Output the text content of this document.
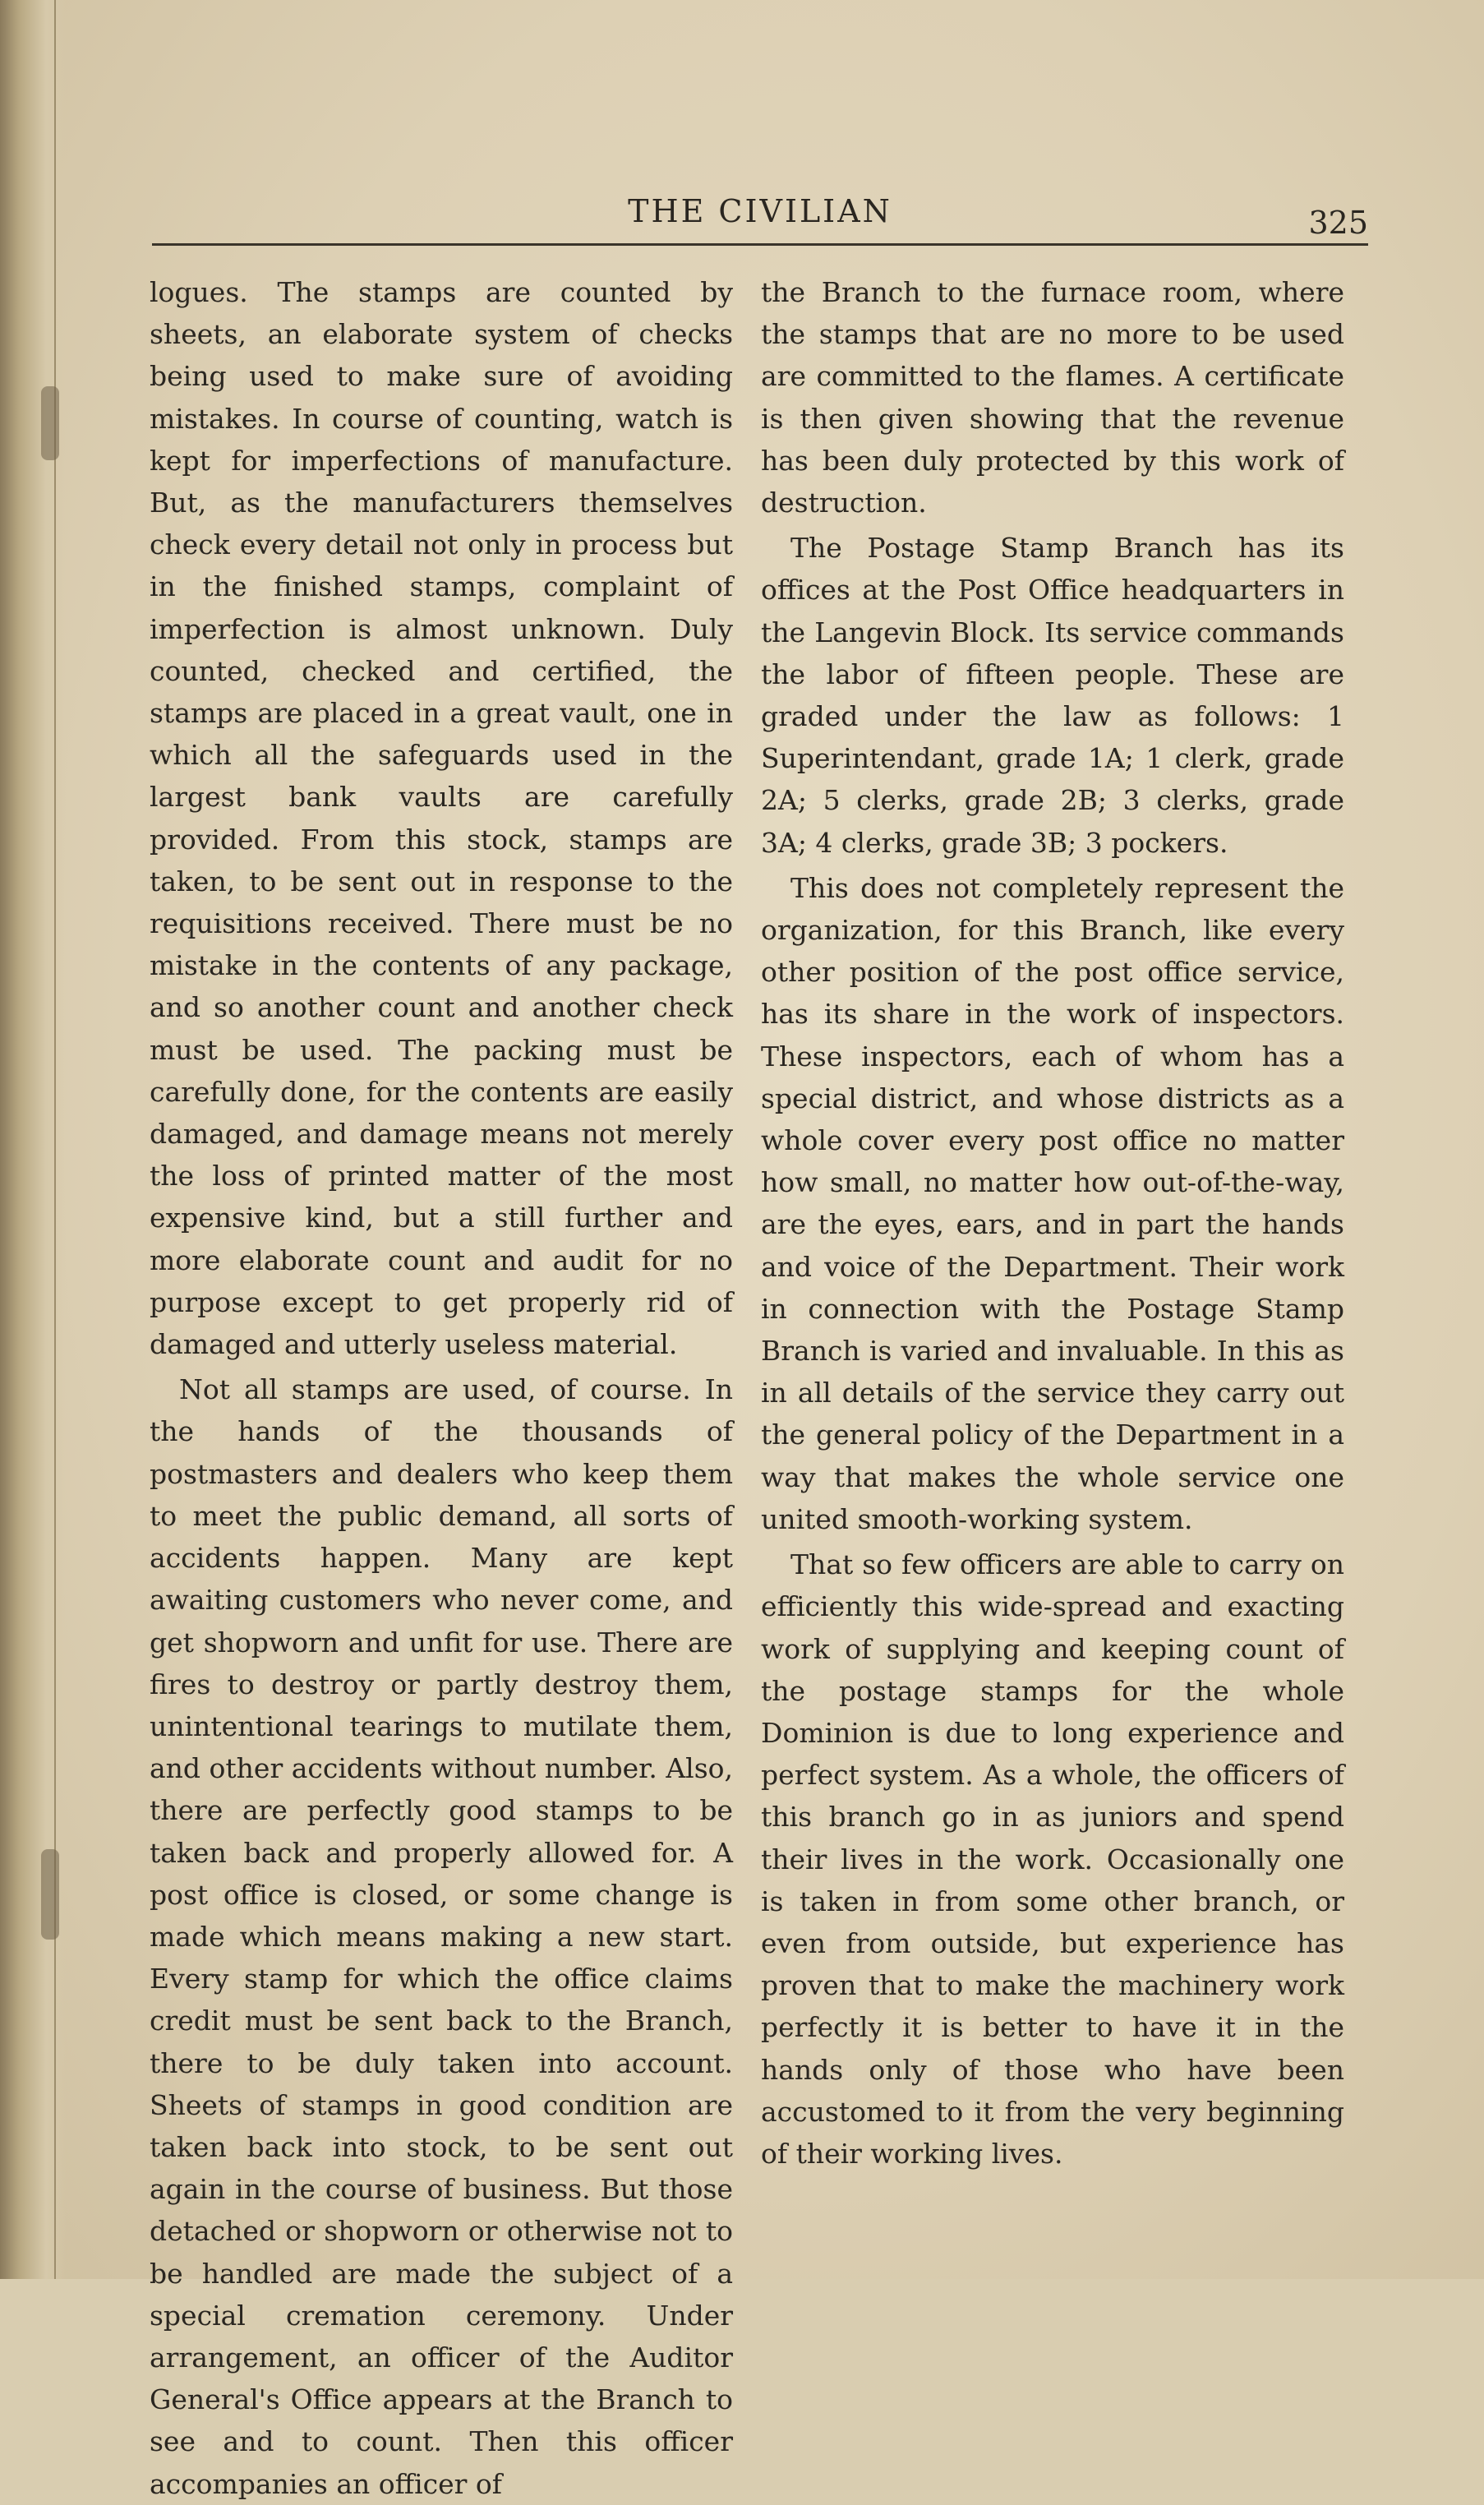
THE CIVILIAN	325

logues. The stamps are counted by sheets, an elaborate system of checks being used to make sure of avoiding mistakes. In course of counting, watch is kept for imperfections of manufacture. But, as the manufacturers themselves check every detail not only in process but in the finished stamps, complaint of imperfection is almost unknown. Duly counted, checked and certified, the stamps are placed in a great vault, one in which all the safeguards used in the largest bank vaults are carefully provided. From this stock, stamps are taken, to be sent out in response to the requisitions received. There must be no mistake in the contents of any package, and so another count and another check must be used. The packing must be carefully done, for the contents are easily damaged, and damage means not merely the loss of printed matter of the most expensive kind, but a still further and more elaborate count and audit for no purpose except to get properly rid of damaged and utterly useless material.

Not all stamps are used, of course. In the hands of the thousands of postmasters and dealers who keep them to meet the public demand, all sorts of accidents happen. Many are kept awaiting customers who never come, and get shopworn and unfit for use. There are fires to destroy or partly destroy them, unintentional tearings to mutilate them, and other accidents without number. Also, there are perfectly good stamps to be taken back and properly allowed for. A post office is closed, or some change is made which means making a new start. Every stamp for which the office claims credit must be sent back to the Branch, there to be duly taken into account. Sheets of stamps in good condition are taken back into stock, to be sent out again in the course of business. But those detached or shopworn or otherwise not to be handled are made the subject of a special cremation ceremony. Under arrangement, an officer of the Auditor General's Office appears at the Branch to see and to count. Then this officer accompanies an officer of

the Branch to the furnace room, where the stamps that are no more to be used are committed to the flames. A certificate is then given showing that the revenue has been duly protected by this work of destruction.

The Postage Stamp Branch has its offices at the Post Office headquarters in the Langevin Block. Its service commands the labor of fifteen people. These are graded under the law as follows: 1 Superintendant, grade 1A; 1 clerk, grade 2A; 5 clerks, grade 2B; 3 clerks, grade 3A; 4 clerks, grade 3B; 3 pockers.

This does not completely represent the organization, for this Branch, like every other position of the post office service, has its share in the work of inspectors. These inspectors, each of whom has a special district, and whose districts as a whole cover every post office no matter how small, no matter how out-of-the-way, are the eyes, ears, and in part the hands and voice of the Department. Their work in connection with the Postage Stamp Branch is varied and invaluable. In this as in all details of the service they carry out the general policy of the Department in a way that makes the whole service one united smooth-working system.

That so few officers are able to carry on efficiently this wide-spread and exacting work of supplying and keeping count of the postage stamps for the whole Dominion is due to long experience and perfect system. As a whole, the officers of this branch go in as juniors and spend their lives in the work. Occasionally one is taken in from some other branch, or even from outside, but experience has proven that to make the machinery work perfectly it is better to have it in the hands only of those who have been accustomed to it from the very beginning of their working lives.
